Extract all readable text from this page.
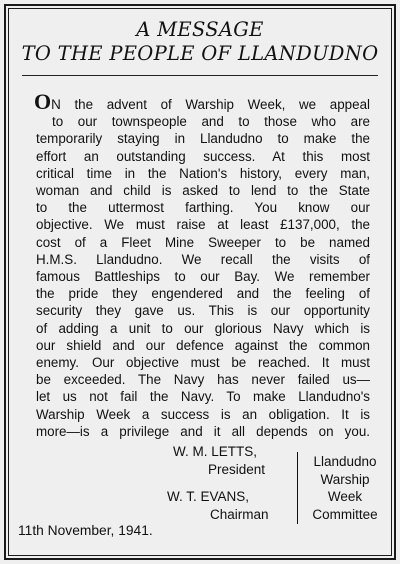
A MESSAGE
TO THE PEOPLE OF LLANDUDNO
ON the advent of Warship Week, we appeal
to our townspeople and to those who are
temporarily staying in Llandudno to make the
effort an outstanding success. At this most
critical time in the Nation's history, every man,
woman and child is asked to lend to the State
to the uttermost farthing. You know our
objective. We must raise at least £137,000, the
cost of a Fleet Mine Sweeper to be named
H.M.S. Llandudno. We recall the visits of
famous Battleships to our Bay. We remember
the pride they engendered and the feeling of
security they gave us. This is our opportunity
of adding a unit to our glorious Navy which is
our shield and our defence against the common
enemy. Our objective must be reached. It must
be exceeded. The Navy has never failed us—
let us not fail the Navy. To make Llandudno's
Warship Week a success is an obligation. It is
more—is a privilege and it all depends on you.
W. M. LETTS,
President
W. T. EVANS,
Chairman
Llandudno
Warship
Week
Committee
11th November, 1941.
